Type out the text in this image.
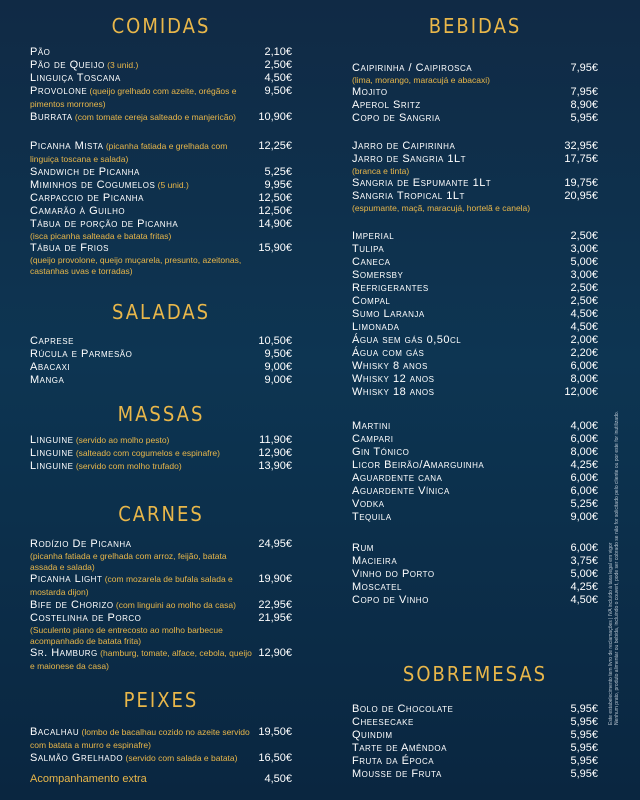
COMIDAS
Pão	2,10€
Pão de Queijo (3 unid.)	2,50€
Linguiça Toscana	4,50€
Provolone (queijo grelhado com azeite, orégãos e pimentos morrones)
9,50€
Burrata (com tomate cereja salteado e manjericão)	10,90€
Picanha Mista (picanha fatiada e grelhada com linguiça toscana e salada)
12,25€
Sandwich de Picanha	5,25€
Miminhos de Cogumelos (5 unid.)	9,95€
Carpaccio de Picanha	12,50€
Camarão à Guilho	12,50€
Tábua de porção de Picanha
(isca picanha salteada e batata fritas)
14,90€
Tábua de Frios
(queijo provolone, queijo muçarela, presunto, azeitonas, castanhas uvas e torradas)
15,90€
SALADAS
Caprese	10,50€
Rúcula e Parmesão	9,50€
Abacaxi	9,00€
Manga	9,00€
MASSAS
Linguine (servido ao molho pesto)	11,90€
Linguine (salteado com cogumelos e espinafre)	12,90€
Linguine (servido com molho trufado)	13,90€
CARNES
Rodízio De Picanha
(picanha fatiada e grelhada com arroz, feijão, batata assada e salada)
24,95€
Picanha Light (com mozarela de bufala salada e mostarda dijon)
19,90€
Bife de Chorizo (com linguini ao molho da casa)	22,95€
Costelinha de Porco
(Suculento piano de entrecosto ao molho barbecue acompanhado de batata frita)
21,95€
Sr. Hamburg (hamburg, tomate, alface, cebola, queijo e maionese da casa)
12,90€
PEIXES
Bacalhau (lombo de bacalhau cozido no azeite servido com batata a murro e espinafre)
19,50€
Salmão Grelhado (servido com salada e batata)	16,50€
Acompanhamento extra	4,50€
BEBIDAS
Caipirinha / Caipirosca
(lima, morango, maracujá e abacaxi)
7,95€
Mojito	7,95€
Aperol Sritz	8,90€
Copo de Sangria	5,95€
Jarro de Caipirinha	32,95€
Jarro de Sangria 1Lt
(branca e tinta)
17,75€
Sangria de Espumante 1Lt	19,75€
Sangria Tropical 1Lt
(espumante, maçã, maracujá, hortelã e canela)
20,95€
Imperial	2,50€
Tulipa	3,00€
Caneca	5,00€
Somersby	3,00€
Refrigerantes	2,50€
Compal	2,50€
Sumo Laranja	4,50€
Limonada	4,50€
Água sem gás 0,50cl	2,00€
Água com gás	2,20€
Whisky 8 anos	6,00€
Whisky 12 anos	8,00€
Whisky 18 anos	12,00€
Martini	4,00€
Campari	6,00€
Gin Tónico	8,00€
Licor Beirão/Amarguinha	4,25€
Aguardente cana	6,00€
Aguardente Vínica	6,00€
Vodka	5,25€
Tequila	9,00€
Rum	6,00€
Macieira	3,75€
Vinho do Porto	5,00€
Moscatel	4,25€
Copo de Vinho	4,50€
SOBREMESAS
Bolo de Chocolate	5,95€
Cheesecake	5,95€
Quindim	5,95€
Tarte de Amêndoa	5,95€
Fruta da Época	5,95€
Mousse de Fruta	5,95€
Este estabelecimento tem livro de reclamações | IVA incluído à taxa legal em vigor Nenhum prato, produto alimentar ou bebida, incluindo o couvert, pode ser cobrado se não for solicitado pelo cliente ou por este for inutilizado.
